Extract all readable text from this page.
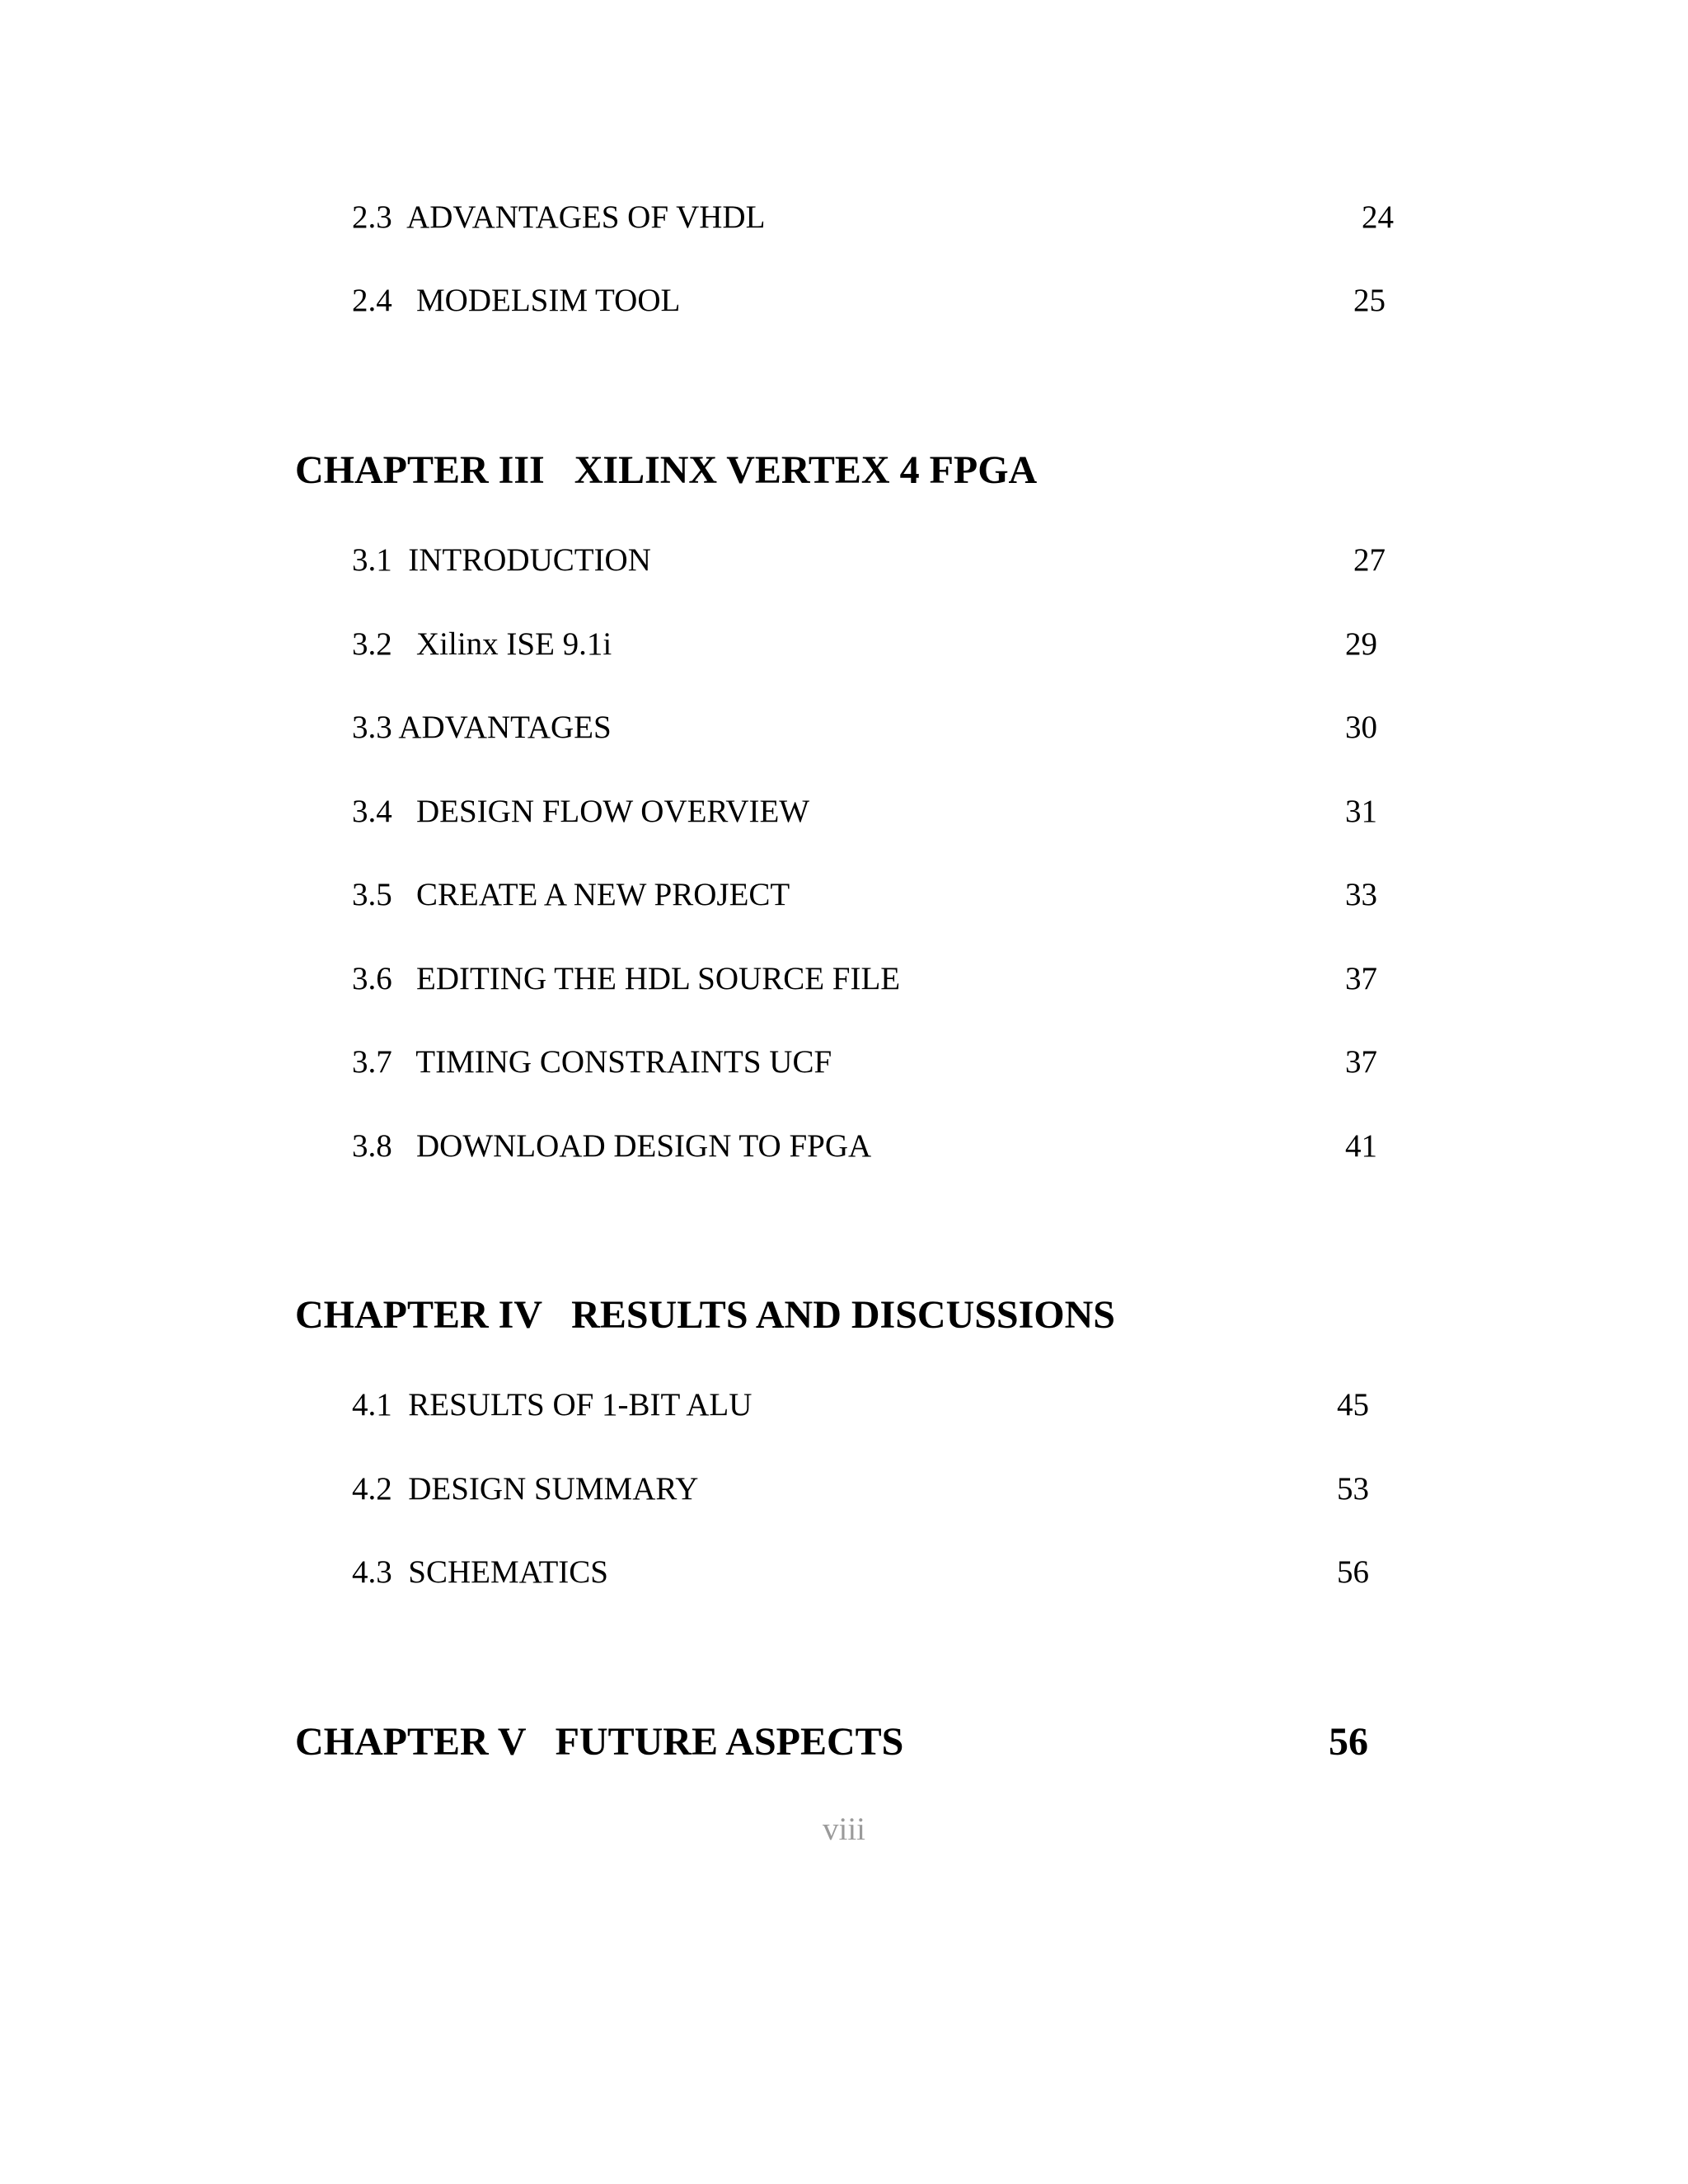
2.3  ADVANTAGES OF VHDL	24
2.4   MODELSIM TOOL	25
CHAPTER III   XILINX VERTEX 4 FPGA
3.1  INTRODUCTION	27
3.2   Xilinx ISE 9.1i	29
3.3 ADVANTAGES	30
3.4   DESIGN FLOW OVERVIEW	31
3.5   CREATE A NEW PROJECT	33
3.6   EDITING THE HDL SOURCE FILE	37
3.7   TIMING CONSTRAINTS UCF	37
3.8   DOWNLOAD DESIGN TO FPGA	41
CHAPTER IV   RESULTS AND DISCUSSIONS
4.1  RESULTS OF 1-BIT ALU	45
4.2  DESIGN SUMMARY	53
4.3  SCHEMATICS	56
CHAPTER V   FUTURE ASPECTS	56
viii
